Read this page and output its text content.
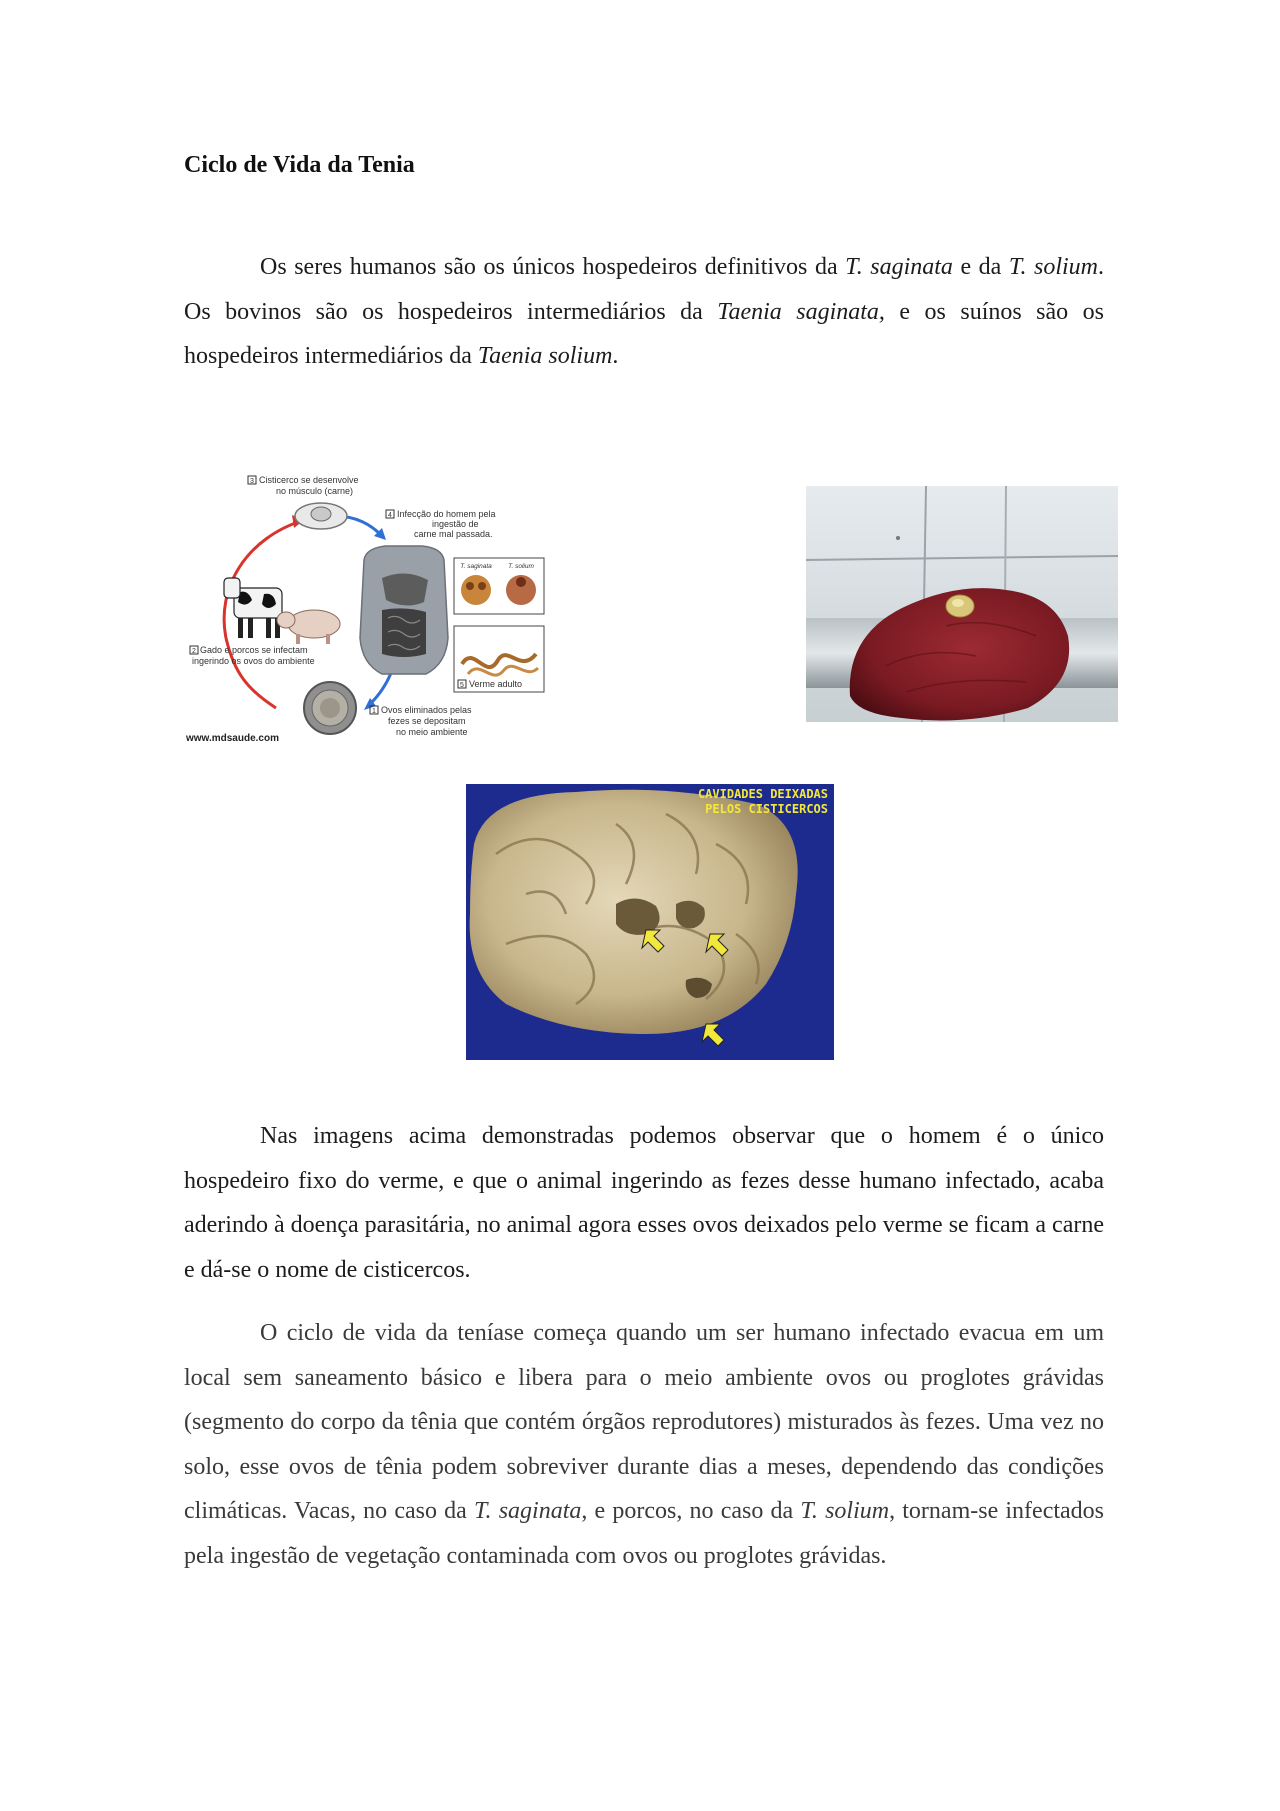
Ciclo de Vida da Tenia

Os seres humanos são os únicos hospedeiros definitivos da T. saginata e da T. solium. Os bovinos são os hospedeiros intermediários da Taenia saginata, e os suínos são os hospedeiros intermediários da Taenia solium.

3 Cisticerco se desenvolve
no músculo (carne)
4 Infecção do homem pela
ingestão de
carne mal passada.
T. saginata	T. solium
5 Verme adulto
2 Gado e porcos se infectam
ingerindo os ovos do ambiente
1 Ovos eliminados pelas
fezes se depositam
no meio ambiente
www.mdsaude.com
CAVIDADES DEIXADAS
PELOS CISTICERCOS

Nas imagens acima demonstradas podemos observar que o homem é o único hospedeiro fixo do verme, e que o animal ingerindo as fezes desse humano infectado, acaba aderindo à doença parasitária, no animal agora esses ovos deixados pelo verme se ficam a carne e dá-se o nome de cisticercos.

O ciclo de vida da teníase começa quando um ser humano infectado evacua em um local sem saneamento básico e libera para o meio ambiente ovos ou proglotes grávidas (segmento do corpo da tênia que contém órgãos reprodutores) misturados às fezes. Uma vez no solo, esse ovos de tênia podem sobreviver durante dias a meses, dependendo das condições climáticas. Vacas, no caso da T. saginata, e porcos, no caso da T. solium, tornam-se infectados pela ingestão de vegetação contaminada com ovos ou proglotes grávidas.
